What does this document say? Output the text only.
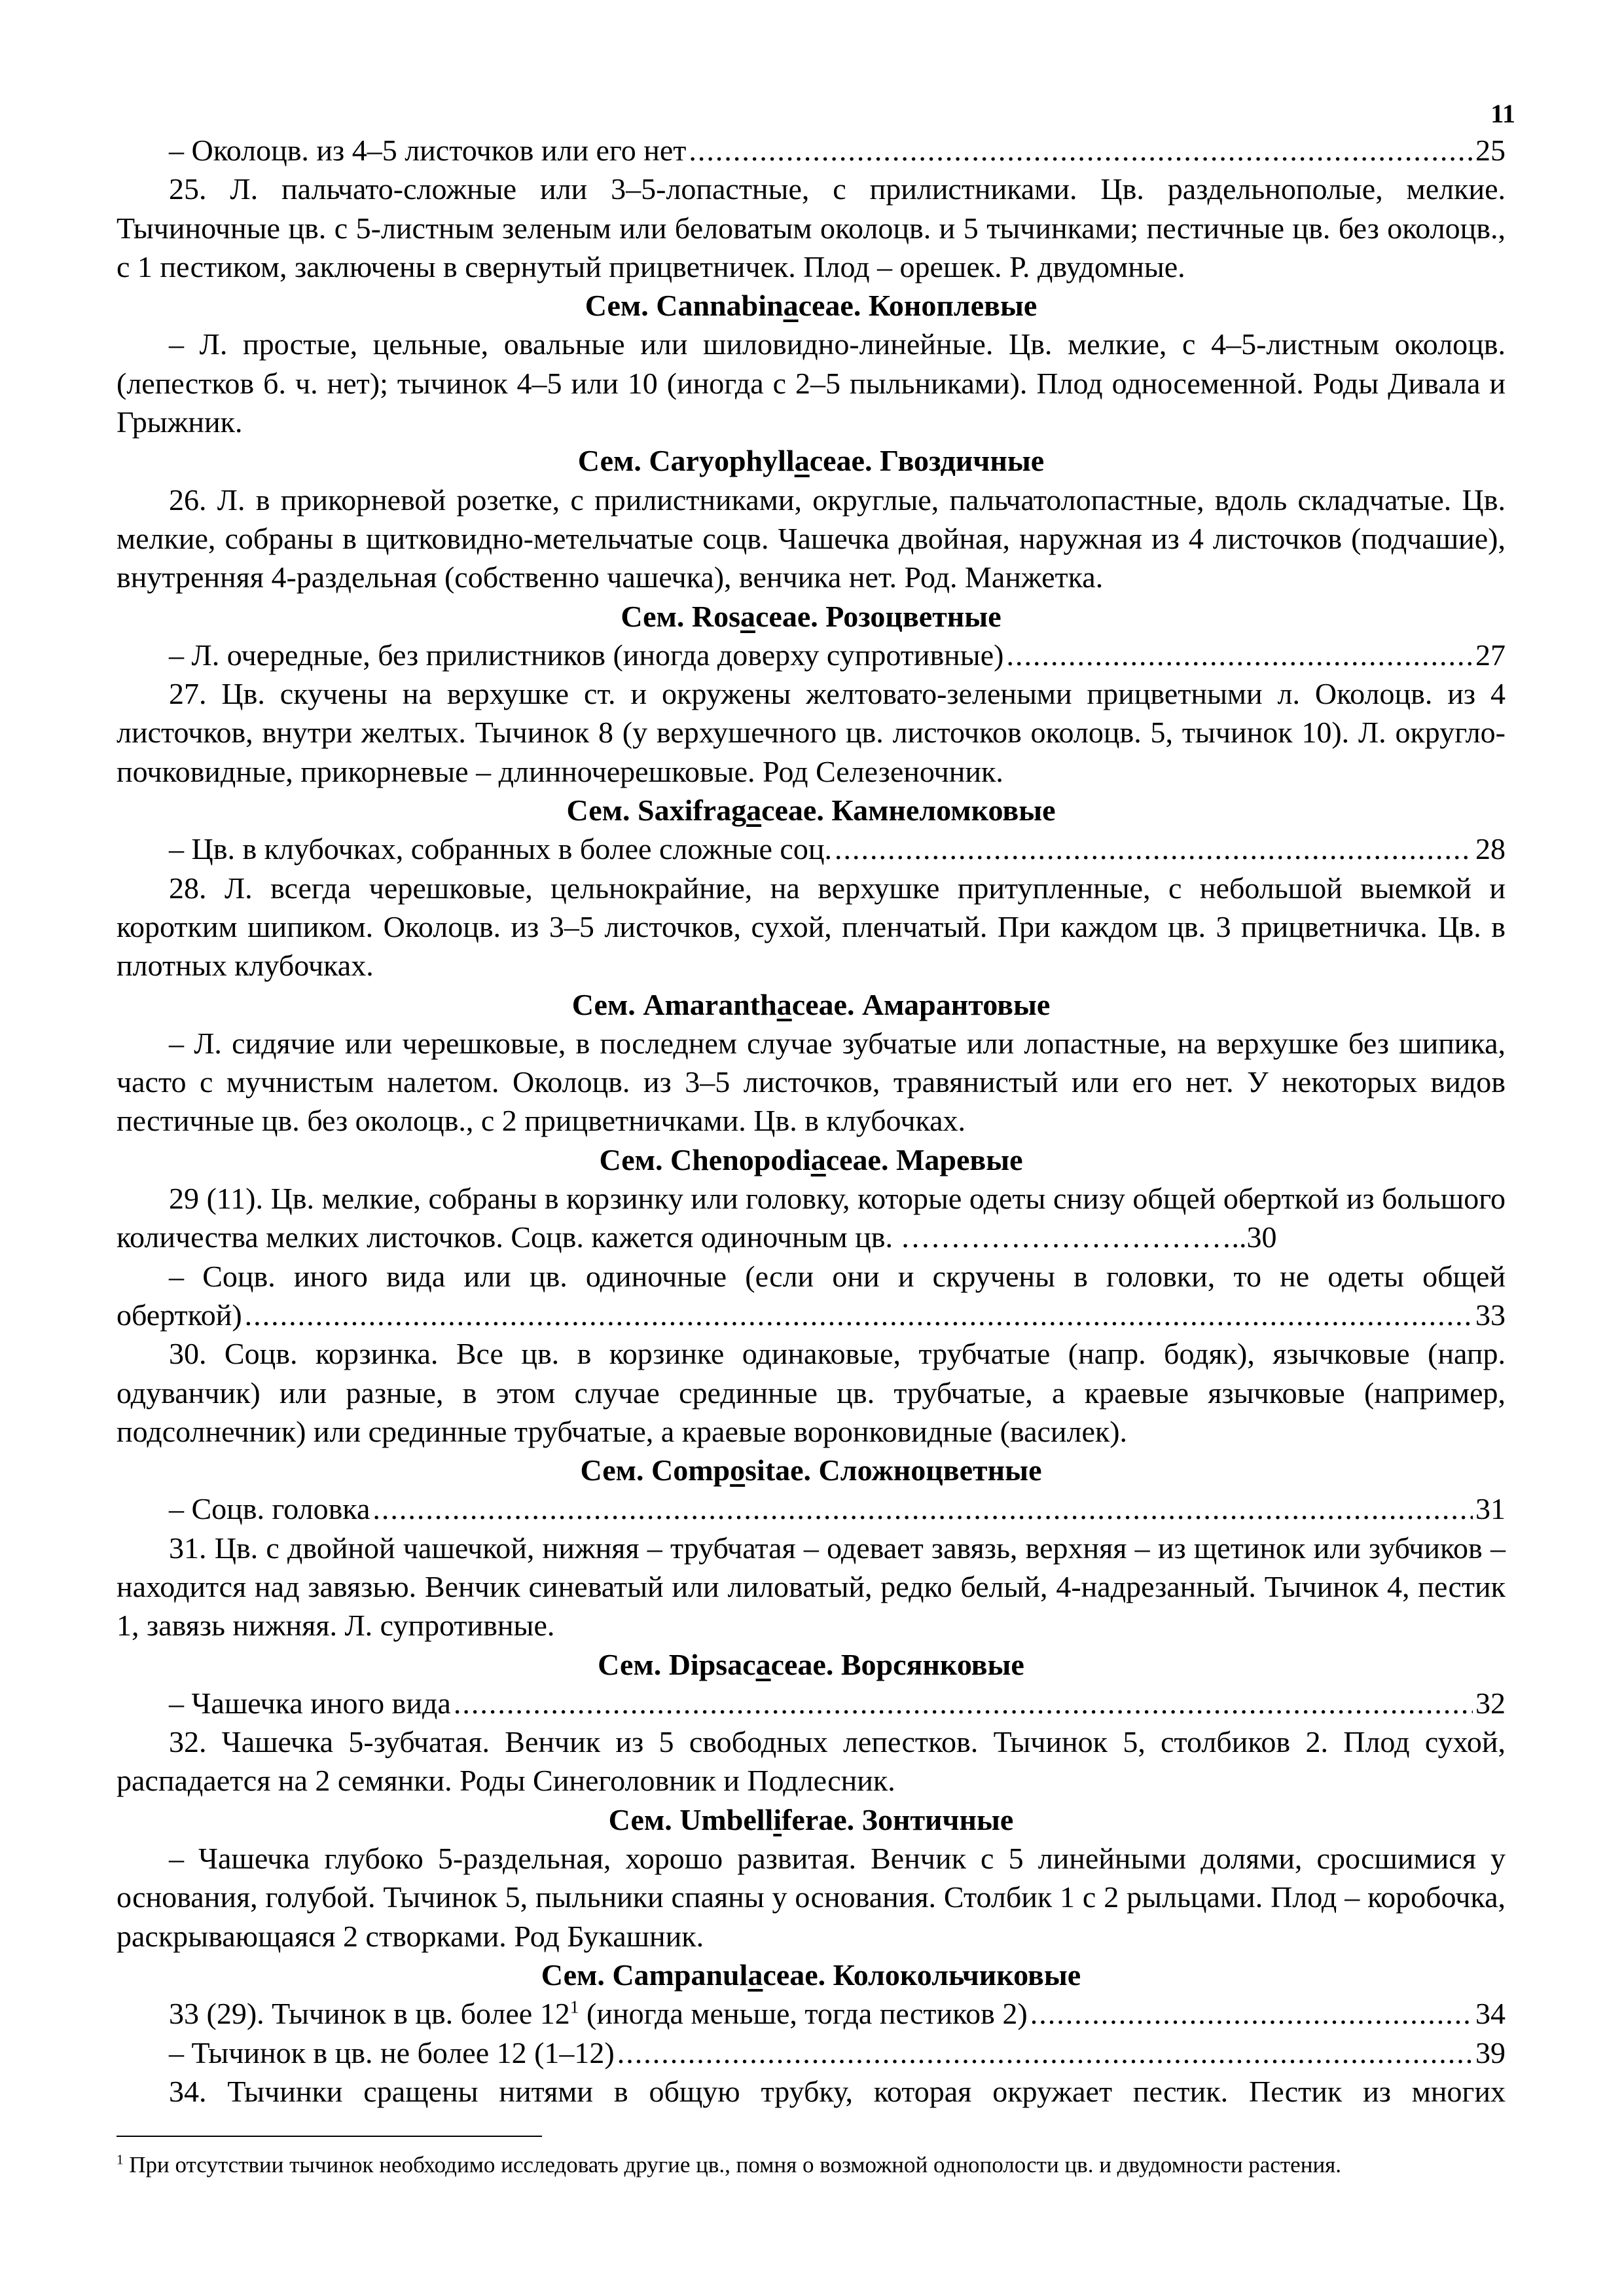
11
– Околоцв. из 4–5 листочков или его нет .....	25

25. Л. пальчато-сложные или 3–5-лопастные, с прилистниками. Цв. раздельнополые, мелкие. Тычиночные цв. с 5-листным зеленым или беловатым околоцв. и 5 тычинками; пестичные цв. без околоцв., с 1 пестиком, заключены в свернутый прицветничек. Плод – орешек. Р. двудомные.

Сем. Cannabinaceae. Коноплевые

– Л. простые, цельные, овальные или шиловидно-линейные. Цв. мелкие, с 4–5-листным околоцв. (лепестков б. ч. нет); тычинок 4–5 или 10 (иногда с 2–5 пыльниками). Плод односеменной. Роды Дивала и Грыжник.

Сем. Caryophyllaceae. Гвоздичные

26. Л. в прикорневой розетке, с прилистниками, округлые, пальчатолопастные, вдоль складчатые. Цв. мелкие, собраны в щитковидно-метельчатые соцв. Чашечка двойная, наружная из 4 листочков (подчашие), внутренняя 4-раздельная (собственно чашечка), венчика нет. Род. Манжетка.

Сем. Rosaceae. Розоцветные

– Л. очередные, без прилистников (иногда доверху супротивные) .....	27

27. Цв. скучены на верхушке ст. и окружены желтовато-зелеными прицветными л. Околоцв. из 4 листочков, внутри желтых. Тычинок 8 (у верхушечного цв. листочков околоцв. 5, тычинок 10). Л. округло-почковидные, прикорневые – длинночерешковые. Род Селезеночник.

Сем. Saxifragaceae. Камнеломковые

– Цв. в клубочках, собранных в более сложные соц. .....	28

28. Л. всегда черешковые, цельнокрайние, на верхушке притупленные, с небольшой выемкой и коротким шипиком. Околоцв. из 3–5 листочков, сухой, пленчатый. При каждом цв. 3 прицветничка. Цв. в плотных клубочках.

Сем. Amaranthaceae. Амарантовые

– Л. сидячие или черешковые, в последнем случае зубчатые или лопастные, на верхушке без шипика, часто с мучнистым налетом. Околоцв. из 3–5 листочков, травянистый или его нет. У некоторых видов пестичные цв. без околоцв., с 2 прицветничками. Цв. в клубочках.

Сем. Chenopodiaceae. Маревые

29 (11). Цв. мелкие, собраны в корзинку или головку, которые одеты снизу общей оберткой из большого количества мелких листочков. Соцв. кажется одиночным цв. ……………………………..30

– Соцв. иного вида или цв. одиночные (если они и скручены в головки, то не одеты общей
оберткой) .....	33

30. Соцв. корзинка. Все цв. в корзинке одинаковые, трубчатые (напр. бодяк), язычковые (напр. одуванчик) или разные, в этом случае срединные цв. трубчатые, а краевые язычковые (например, подсолнечник) или срединные трубчатые, а краевые воронковидные (василек).

Сем. Compositae. Сложноцветные

– Соцв. головка .....	31

31. Цв. с двойной чашечкой, нижняя – трубчатая – одевает завязь, верхняя – из щетинок или зубчиков – находится над завязью. Венчик синеватый или лиловатый, редко белый, 4-надрезанный. Тычинок 4, пестик 1, завязь нижняя. Л. супротивные.

Сем. Dipsacaceae. Ворсянковые

– Чашечка иного вида .....	32

32. Чашечка 5-зубчатая. Венчик из 5 свободных лепестков. Тычинок 5, столбиков 2. Плод сухой, распадается на 2 семянки. Роды Синеголовник и Подлесник.

Сем. Umbelliferae. Зонтичные

– Чашечка глубоко 5-раздельная, хорошо развитая. Венчик с 5 линейными долями, сросшимися у основания, голубой. Тычинок 5, пыльники спаяны у основания. Столбик 1 с 2 рыльцами. Плод – коробочка, раскрывающаяся 2 створками. Род Букашник.

Сем. Campanulaceae. Колокольчиковые

33 (29). Тычинок в цв. более $12^1$ (иногда меньше, тогда пестиков 2) .....	34
– Тычинок в цв. не более 12 (1–12) .....	39

34. Тычинки сращены нитями в общую трубку, которая окружает пестик. Пестик из многих

$^1$ При отсутствии тычинок необходимо исследовать другие цв., помня о возможной однополости цв. и двудомности растения.
